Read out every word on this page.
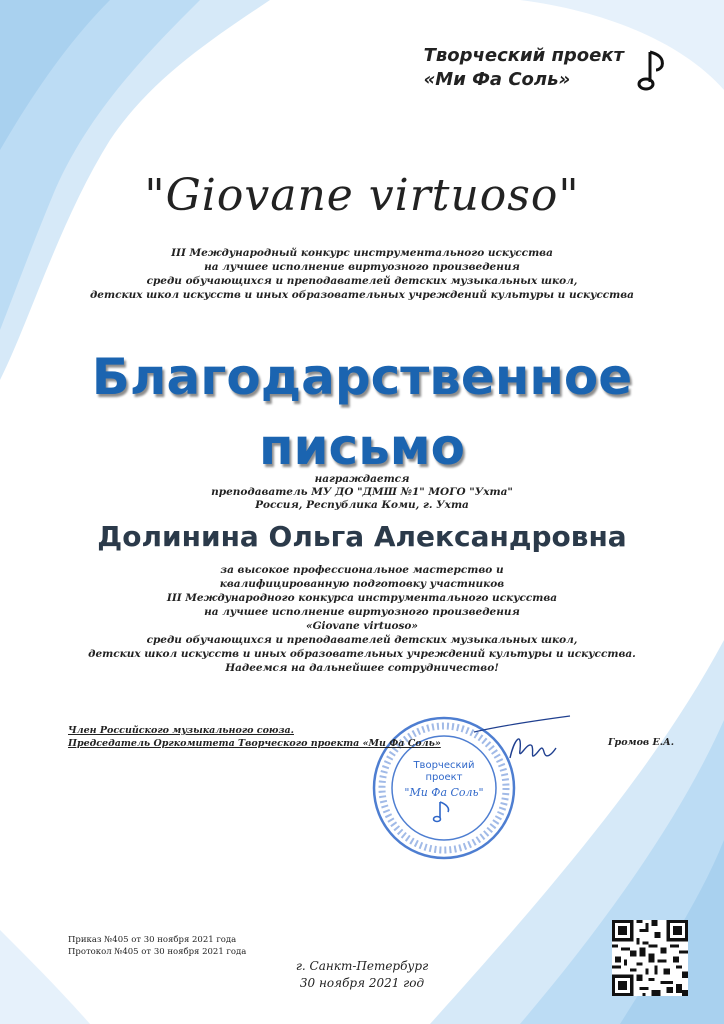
Творческий проект
«Ми Фа Соль»
"Giovane virtuoso"
III Международный конкурс инструментального искусства
на лучшее исполнение виртуозного произведения
среди обучающихся и преподавателей детских музыкальных школ,
детских школ искусств и иных образовательных учреждений культуры и искусства
Благодарственное
письмо
награждается
преподаватель МУ ДО "ДМШ №1" МОГО "Ухта"
Россия, Республика Коми, г. Ухта
Долинина Ольга Александровна
за высокое профессиональное мастерство и
квалифицированную подготовку участников
III Международного конкурса инструментального искусства
на лучшее исполнение виртуозного произведения
«Giovane virtuoso»
среди обучающихся и преподавателей детских музыкальных школ,
детских школ искусств и иных образовательных учреждений культуры и искусства.
Надеемся на дальнейшее сотрудничество!
Творческий
проект
"Ми Фа Соль"
Член Российского музыкального союза.
Председатель Оргкомитета Творческого проекта «Ми Фа Соль»	Громов Е.А.
Приказ №405 от 30 ноября 2021 года
Протокол №405 от 30 ноября 2021 года
г. Санкт-Петербург
30 ноября 2021 год
